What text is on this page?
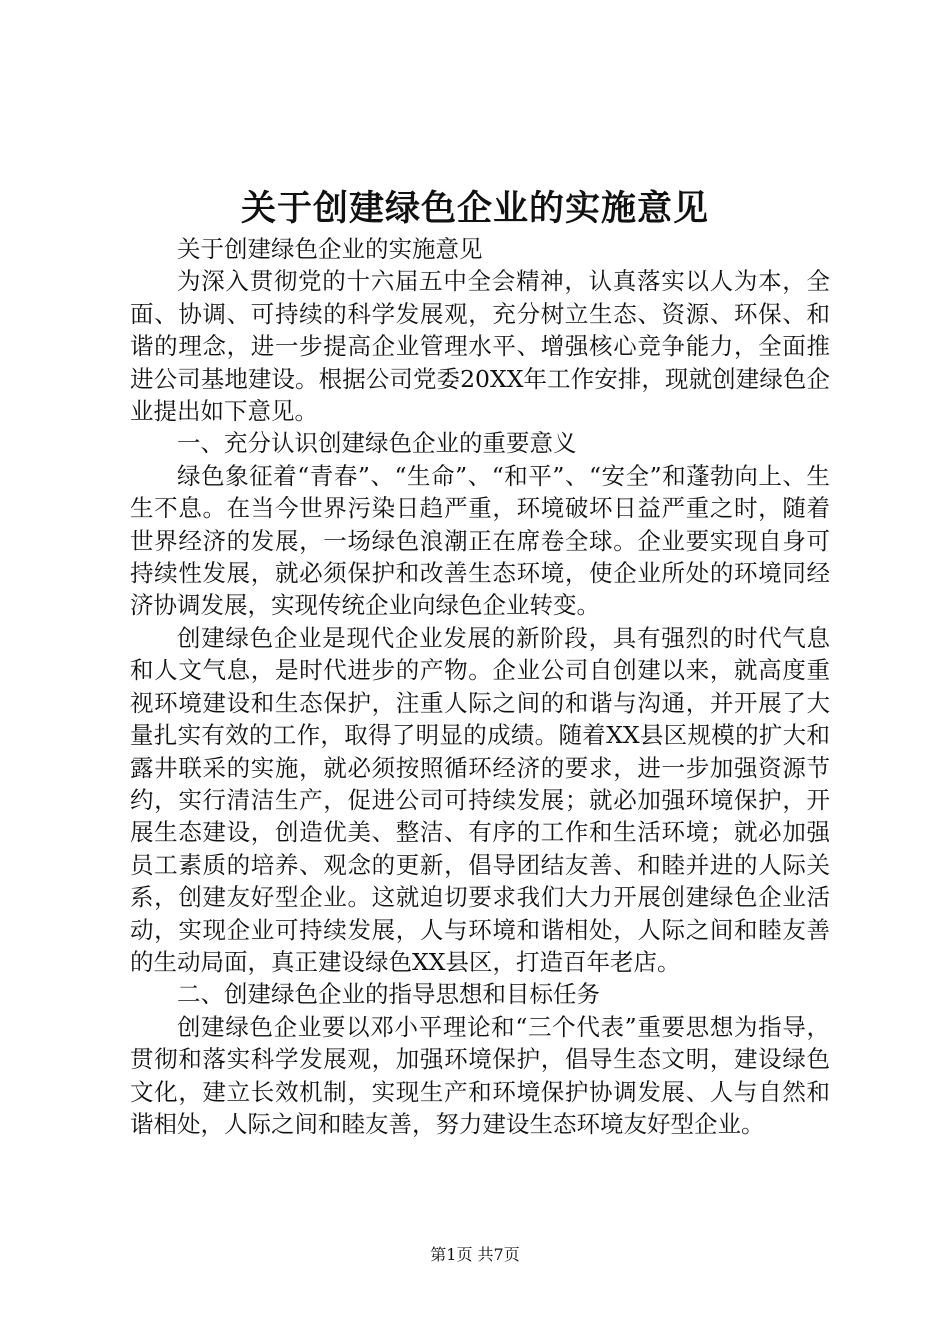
关于创建绿色企业的实施意见

关于创建绿色企业的实施意见

为深入贯彻党的十六届五中全会精神，认真落实以人为本，全面、协调、可持续的科学发展观，充分树立生态、资源、环保、和谐的理念，进一步提高企业管理水平、增强核心竞争能力，全面推进公司基地建设。根据公司党委20XX年工作安排，现就创建绿色企业提出如下意见。

一、充分认识创建绿色企业的重要意义

绿色象征着“青春”、“生命”、“和平”、“安全”和蓬勃向上、生生不息。在当今世界污染日趋严重，环境破坏日益严重之时，随着世界经济的发展，一场绿色浪潮正在席卷全球。企业要实现自身可持续性发展，就必须保护和改善生态环境，使企业所处的环境同经济协调发展，实现传统企业向绿色企业转变。

创建绿色企业是现代企业发展的新阶段，具有强烈的时代气息和人文气息，是时代进步的产物。企业公司自创建以来，就高度重视环境建设和生态保护，注重人际之间的和谐与沟通，并开展了大量扎实有效的工作，取得了明显的成绩。随着XX县区规模的扩大和露井联采的实施，就必须按照循环经济的要求，进一步加强资源节约，实行清洁生产，促进公司可持续发展；就必加强环境保护，开展生态建设，创造优美、整洁、有序的工作和生活环境；就必加强员工素质的培养、观念的更新，倡导团结友善、和睦并进的人际关系，创建友好型企业。这就迫切要求我们大力开展创建绿色企业活动，实现企业可持续发展，人与环境和谐相处，人际之间和睦友善的生动局面，真正建设绿色XX县区，打造百年老店。

二、创建绿色企业的指导思想和目标任务

创建绿色企业要以邓小平理论和“三个代表”重要思想为指导，贯彻和落实科学发展观，加强环境保护，倡导生态文明，建设绿色文化，建立长效机制，实现生产和环境保护协调发展、人与自然和谐相处，人际之间和睦友善，努力建设生态环境友好型企业。

第1页 共7页
